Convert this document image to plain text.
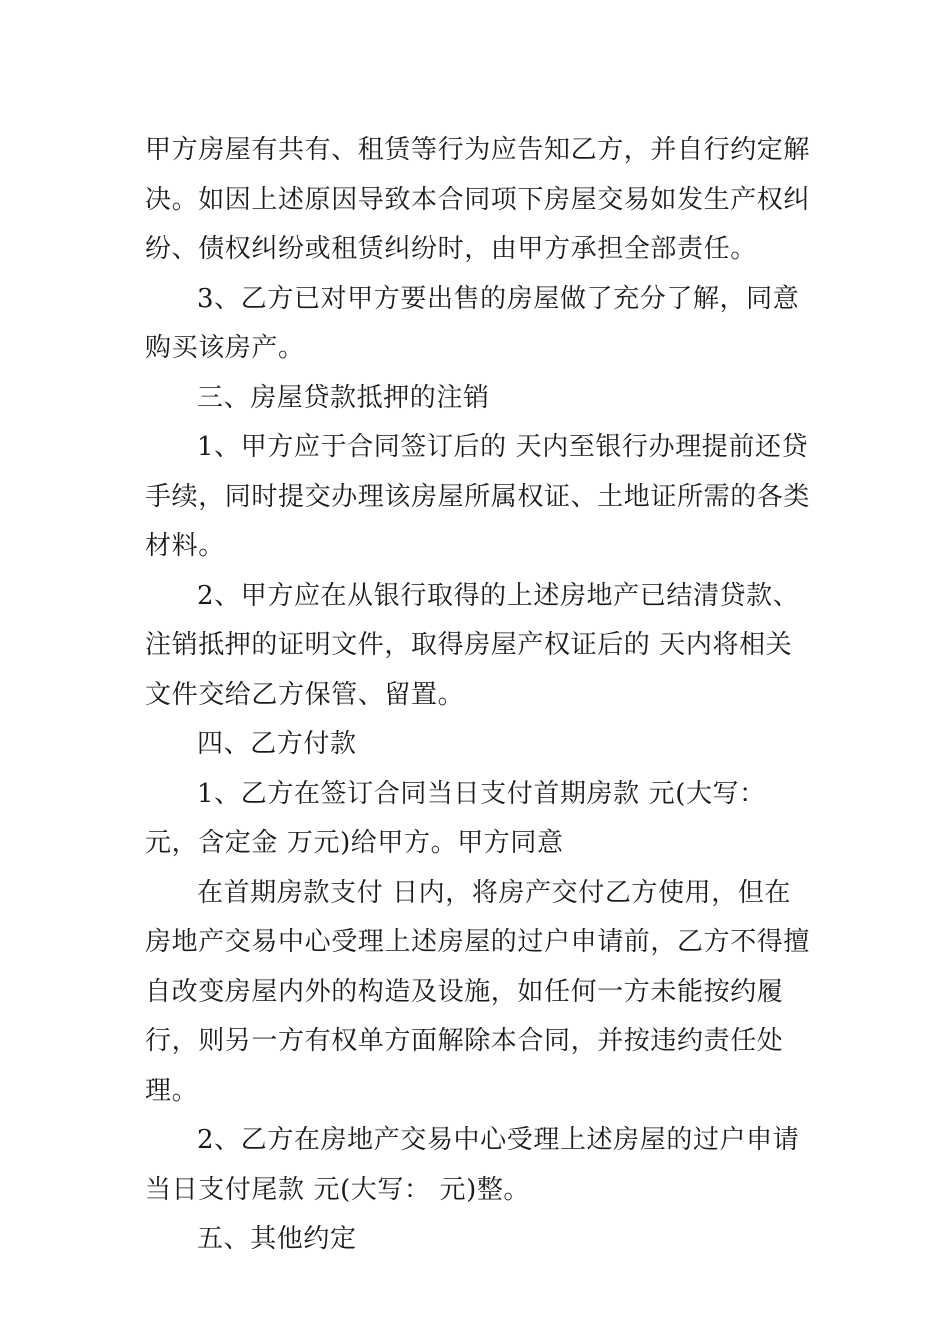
甲方房屋有共有、租赁等行为应告知乙方，并自行约定解决。如因上述原因导致本合同项下房屋交易如发生产权纠纷、债权纠纷或租赁纠纷时，由甲方承担全部责任。

3、乙方已对甲方要出售的房屋做了充分了解，同意购买该房产。

三、房屋贷款抵押的注销

1、甲方应于合同签订后的 天内至银行办理提前还贷手续，同时提交办理该房屋所属权证、土地证所需的各类材料。

2、甲方应在从银行取得的上述房地产已结清贷款、注销抵押的证明文件，取得房屋产权证后的 天内将相关文件交给乙方保管、留置。

四、乙方付款

1、乙方在签订合同当日支付首期房款 元(大写： 元，含定金 万元)给甲方。甲方同意

在首期房款支付 日内，将房产交付乙方使用，但在房地产交易中心受理上述房屋的过户申请前，乙方不得擅自改变房屋内外的构造及设施，如任何一方未能按约履行，则另一方有权单方面解除本合同，并按违约责任处理。

2、乙方在房地产交易中心受理上述房屋的过户申请当日支付尾款 元(大写： 元)整。

五、其他约定
